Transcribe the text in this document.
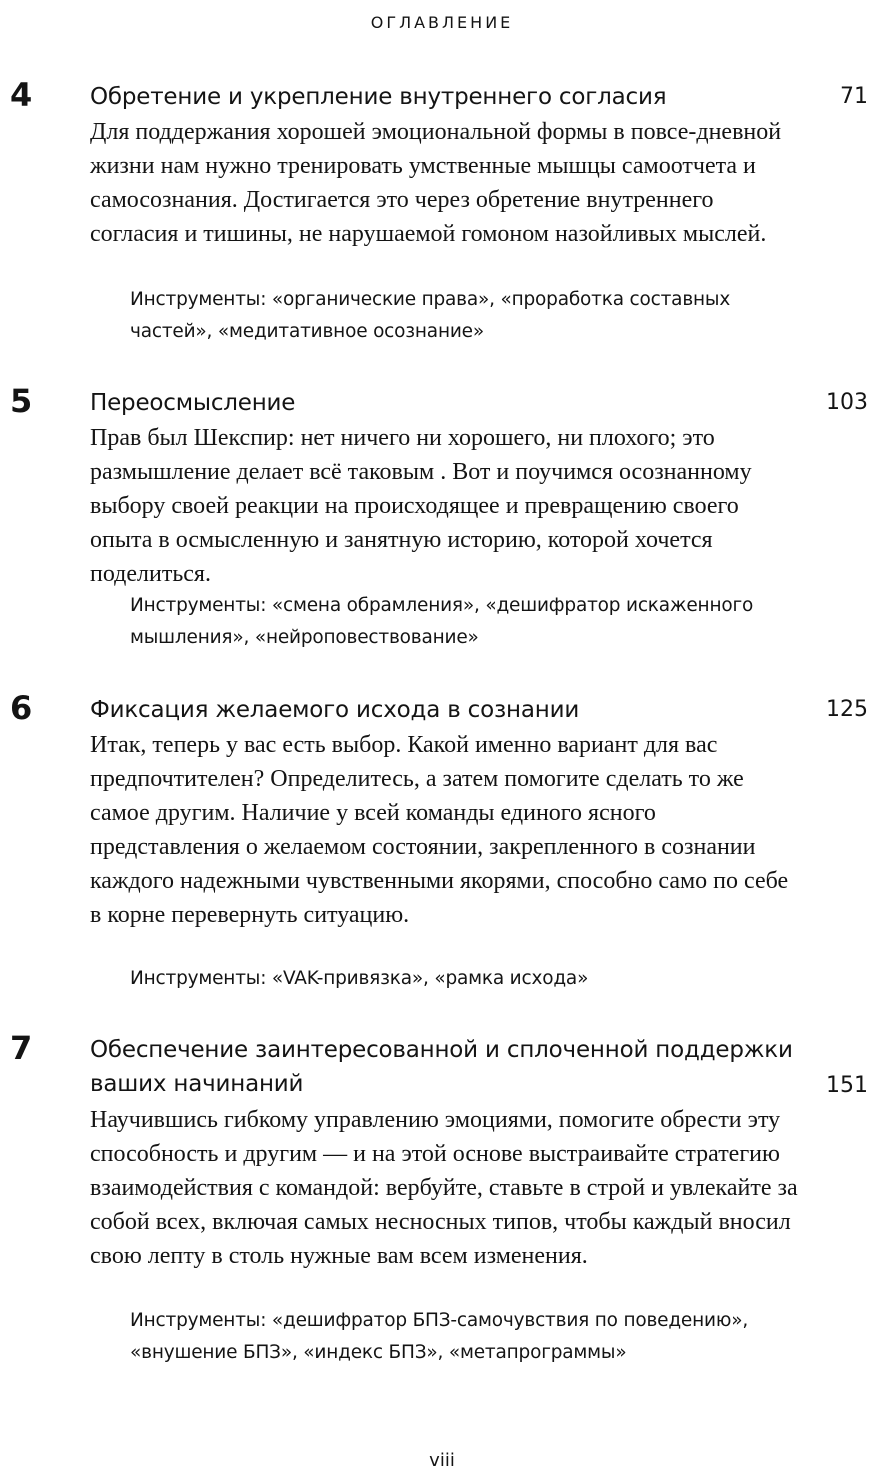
ОГЛАВЛЕНИЕ
4	Обретение и укрепление внутреннего согласия	71

Для поддержания хорошей эмоциональной формы в повсе-дневной жизни нам нужно тренировать умственные мышцы самоотчета и самосознания. Достигается это через обретение внутреннего согласия и тишины, не нарушаемой гомоном назойливых мыслей.

Инструменты: «органические права», «проработка составных частей», «медитативное осознание»

5	Переосмысление	103

Прав был Шекспир: нет ничего ни хорошего, ни плохого; это размышление делает всё таковым . Вот и поучимся осознанному выбору своей реакции на происходящее и превращению своего опыта в осмысленную и занятную историю, которой хочется поделиться.

Инструменты: «смена обрамления», «дешифратор искаженного мышления», «нейроповествование»

6	Фиксация желаемого исхода в сознании	125

Итак, теперь у вас есть выбор. Какой именно вариант для вас предпочтителен? Определитесь, а затем помогите сделать то же самое другим. Наличие у всей команды единого ясного представления о желаемом состоянии, закрепленного в сознании каждого надежными чувственными якорями, способно само по себе в корне перевернуть ситуацию.

Инструменты: «VAK-привязка», «рамка исхода»

7	Обеспечение заинтересованной и сплоченной поддержки ваших начинаний	151

Научившись гибкому управлению эмоциями, помогите обрести эту способность и другим — и на этой основе выстраивайте стратегию взаимодействия с командой: вербуйте, ставьте в строй и увлекайте за собой всех, включая самых несносных типов, чтобы каждый вносил свою лепту в столь нужные вам всем изменения.

Инструменты: «дешифратор БПЗ-самочувствия по поведению», «внушение БПЗ», «индекс БПЗ», «метапрограммы»

viii
